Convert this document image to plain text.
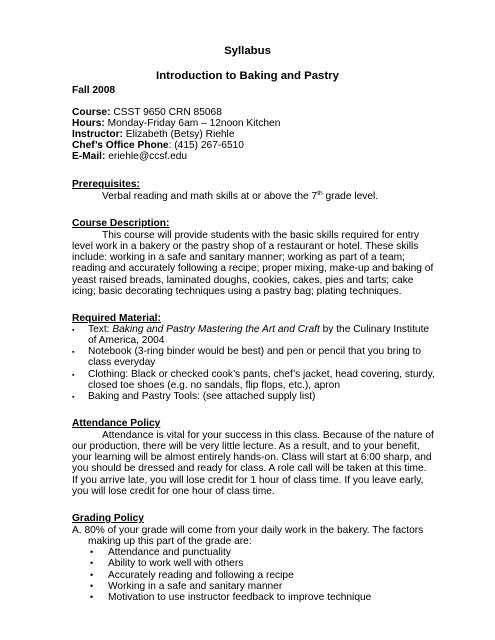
Syllabus
Introduction to Baking and Pastry
Fall 2008
Course: CSST 9650 CRN 85068
Hours: Monday-Friday 6am – 12noon Kitchen
Instructor: Elizabeth (Betsy) Riehle
Chef’s Office Phone: (415) 267-6510
E-Mail: eriehle@ccsf.edu
Prerequisites:
Verbal reading and math skills at or above the 7th grade level.
Course Description:
This course will provide students with the basic skills required for entry
level work in a bakery or the pastry shop of a restaurant or hotel. These skills
include: working in a safe and sanitary manner; working as part of a team;
reading and accurately following a recipe; proper mixing, make-up and baking of
yeast raised breads, laminated doughs, cookies, cakes, pies and tarts; cake
icing; basic decorating techniques using a pastry bag; plating techniques.
Required Material:
▪ Text: Baking and Pastry Mastering the Art and Craft by the Culinary Institute
of America, 2004
▪ Notebook (3-ring binder would be best) and pen or pencil that you bring to
class everyday
▪ Clothing: Black or checked cook’s pants, chef’s jacket, head covering, sturdy,
closed toe shoes (e.g. no sandals, flip flops, etc.), apron
▪ Baking and Pastry Tools: (see attached supply list)
Attendance Policy
Attendance is vital for your success in this class. Because of the nature of
our production, there will be very little lecture. As a result, and to your benefit,
your learning will be almost entirely hands-on. Class will start at 6:00 sharp, and
you should be dressed and ready for class. A role call will be taken at this time.
If you arrive late, you will lose credit for 1 hour of class time. If you leave early,
you will lose credit for one hour of class time.
Grading Policy
A. 80% of your grade will come from your daily work in the bakery. The factors
making up this part of the grade are:
• Attendance and punctuality
• Ability to work well with others
• Accurately reading and following a recipe
• Working in a safe and sanitary manner
• Motivation to use instructor feedback to improve technique
